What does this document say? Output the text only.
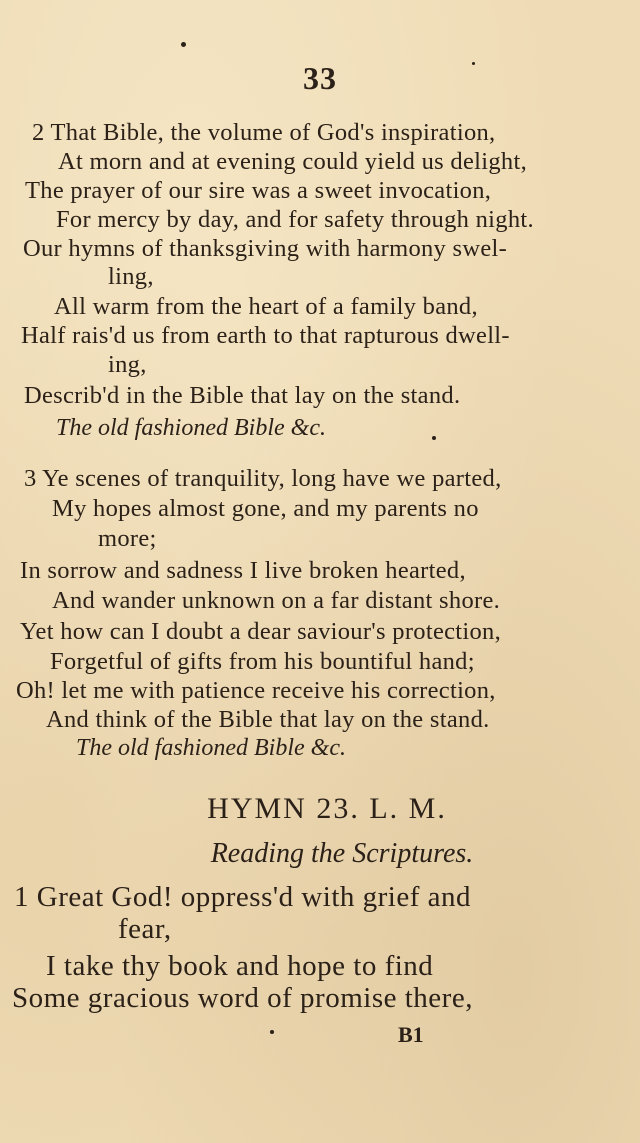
33
2 That Bible, the volume of God's inspiration,
At morn and at evening could yield us delight,
The prayer of our sire was a sweet invocation,
For mercy by day, and for safety through night.
Our hymns of thanksgiving with harmony swel-
ling,
All warm from the heart of a family band,
Half rais'd us from earth to that rapturous dwell-
ing,
Describ'd in the Bible that lay on the stand.
The old fashioned Bible &c.
3 Ye scenes of tranquility, long have we parted,
My hopes almost gone, and my parents no
more;
In sorrow and sadness I live broken hearted,
And wander unknown on a far distant shore.
Yet how can I doubt a dear saviour's protection,
Forgetful of gifts from his bountiful hand;
Oh! let me with patience receive his correction,
And think of the Bible that lay on the stand.
The old fashioned Bible &c.
HYMN 23. L. M.
Reading the Scriptures.
1 Great God! oppress'd with grief and
fear,
I take thy book and hope to find
Some gracious word of promise there,
B1
